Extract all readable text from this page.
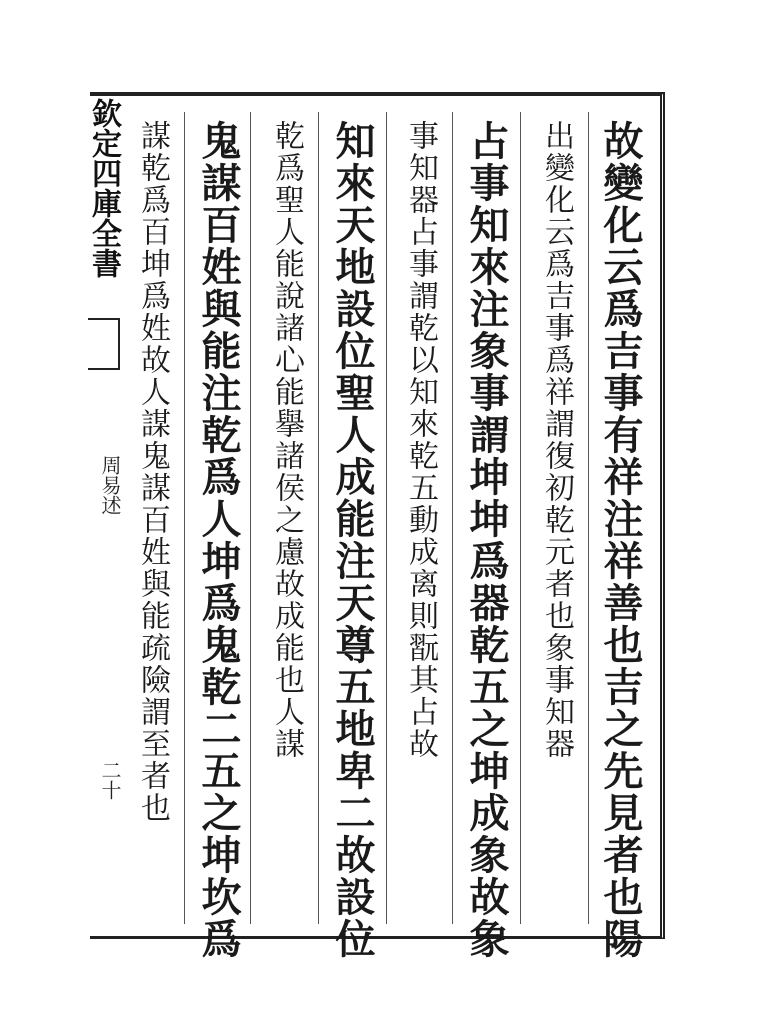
欽定四庫全書
周易述
二十	故變化云爲吉事有祥注祥善也吉之先見者也陽
出變化云爲吉事爲祥謂復初乾元者也象事知器
占事知來注象事謂坤坤爲器乾五之坤成象故象
事知器占事謂乾以知來乾五動成离則翫其占故
知來天地設位聖人成能注天尊五地卑二故設位
乾爲聖人能說諸心能擧諸侯之慮故成能也人謀
鬼謀百姓與能注乾爲人坤爲鬼乾二五之坤坎爲
謀乾爲百坤爲姓故人謀鬼謀百姓與能疏險謂至者也
